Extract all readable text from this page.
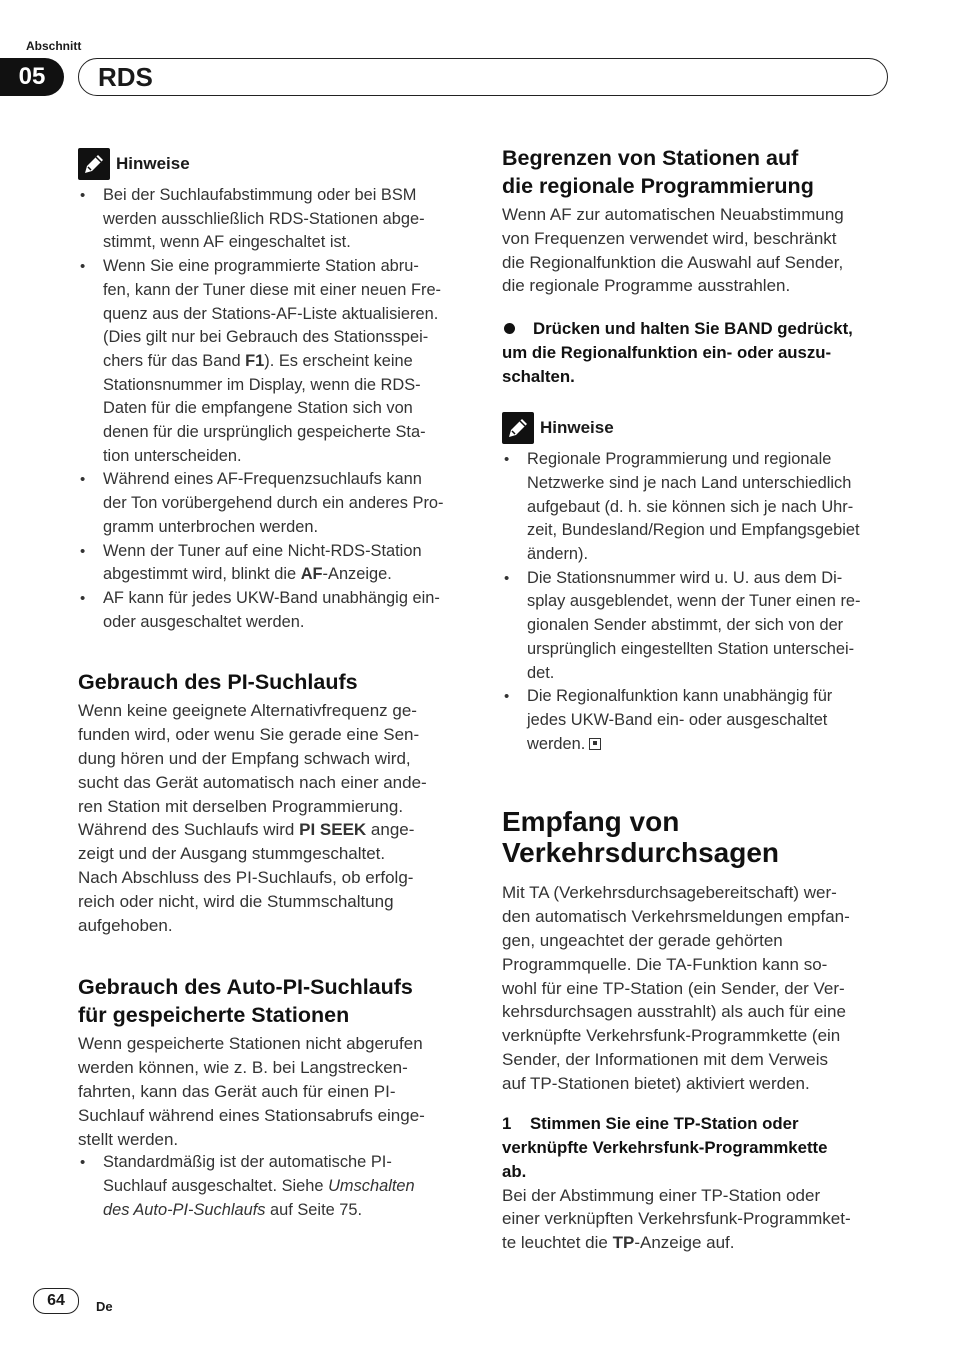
Abschnitt
05	RDS
Hinweise
• Bei der Suchlaufabstimmung oder bei BSM
werden ausschließlich RDS-Stationen abge-
stimmt, wenn AF eingeschaltet ist.
• Wenn Sie eine programmierte Station abru-
fen, kann der Tuner diese mit einer neuen Fre-
quenz aus der Stations-AF-Liste aktualisieren.
(Dies gilt nur bei Gebrauch des Stationsspei-
chers für das Band F1). Es erscheint keine
Stationsnummer im Display, wenn die RDS-
Daten für die empfangene Station sich von
denen für die ursprünglich gespeicherte Sta-
tion unterscheiden.
• Während eines AF-Frequenzsuchlaufs kann
der Ton vorübergehend durch ein anderes Pro-
gramm unterbrochen werden.
• Wenn der Tuner auf eine Nicht-RDS-Station
abgestimmt wird, blinkt die AF-Anzeige.
• AF kann für jedes UKW-Band unabhängig ein-
oder ausgeschaltet werden.
Gebrauch des PI-Suchlaufs

Wenn keine geeignete Alternativfrequenz ge-
funden wird, oder wenu Sie gerade eine Sen-
dung hören und der Empfang schwach wird,
sucht das Gerät automatisch nach einer ande-
ren Station mit derselben Programmierung.
Während des Suchlaufs wird PI SEEK ange-
zeigt und der Ausgang stummgeschaltet.
Nach Abschluss des PI-Suchlaufs, ob erfolg-
reich oder nicht, wird die Stummschaltung
aufgehoben.

Gebrauch des Auto-PI-Suchlaufs
für gespeicherte Stationen

Wenn gespeicherte Stationen nicht abgerufen
werden können, wie z. B. bei Langstrecken-
fahrten, kann das Gerät auch für einen PI-
Suchlauf während eines Stationsabrufs einge-
stellt werden.

• Standardmäßig ist der automatische PI-
Suchlauf ausgeschaltet. Siehe Umschalten
des Auto-PI-Suchlaufs auf Seite 75.
Begrenzen von Stationen auf
die regionale Programmierung

Wenn AF zur automatischen Neuabstimmung
von Frequenzen verwendet wird, beschränkt
die Regionalfunktion die Auswahl auf Sender,
die regionale Programme ausstrahlen.

Drücken und halten Sie BAND gedrückt,
um die Regionalfunktion ein- oder auszu-
schalten.

Hinweise
• Regionale Programmierung und regionale
Netzwerke sind je nach Land unterschiedlich
aufgebaut (d. h. sie können sich je nach Uhr-
zeit, Bundesland/Region und Empfangsgebiet
ändern).
• Die Stationsnummer wird u. U. aus dem Di-
splay ausgeblendet, wenn der Tuner einen re-
gionalen Sender abstimmt, der sich von der
ursprünglich eingestellten Station unterschei-
det.
• Die Regionalfunktion kann unabhängig für
jedes UKW-Band ein- oder ausgeschaltet
werden.
Empfang von
Verkehrsdurchsagen

Mit TA (Verkehrsdurchsagebereitschaft) wer-
den automatisch Verkehrsmeldungen empfan-
gen, ungeachtet der gerade gehörten
Programmquelle. Die TA-Funktion kann so-
wohl für eine TP-Station (ein Sender, der Ver-
kehrsdurchsagen ausstrahlt) als auch für eine
verknüpfte Verkehrsfunk-Programmkette (ein
Sender, der Informationen mit dem Verweis
auf TP-Stationen bietet) aktiviert werden.

1    Stimmen Sie eine TP-Station oder
verknüpfte Verkehrsfunk-Programmkette
ab.

Bei der Abstimmung einer TP-Station oder
einer verknüpften Verkehrsfunk-Programmket-
te leuchtet die TP-Anzeige auf.

64	De
